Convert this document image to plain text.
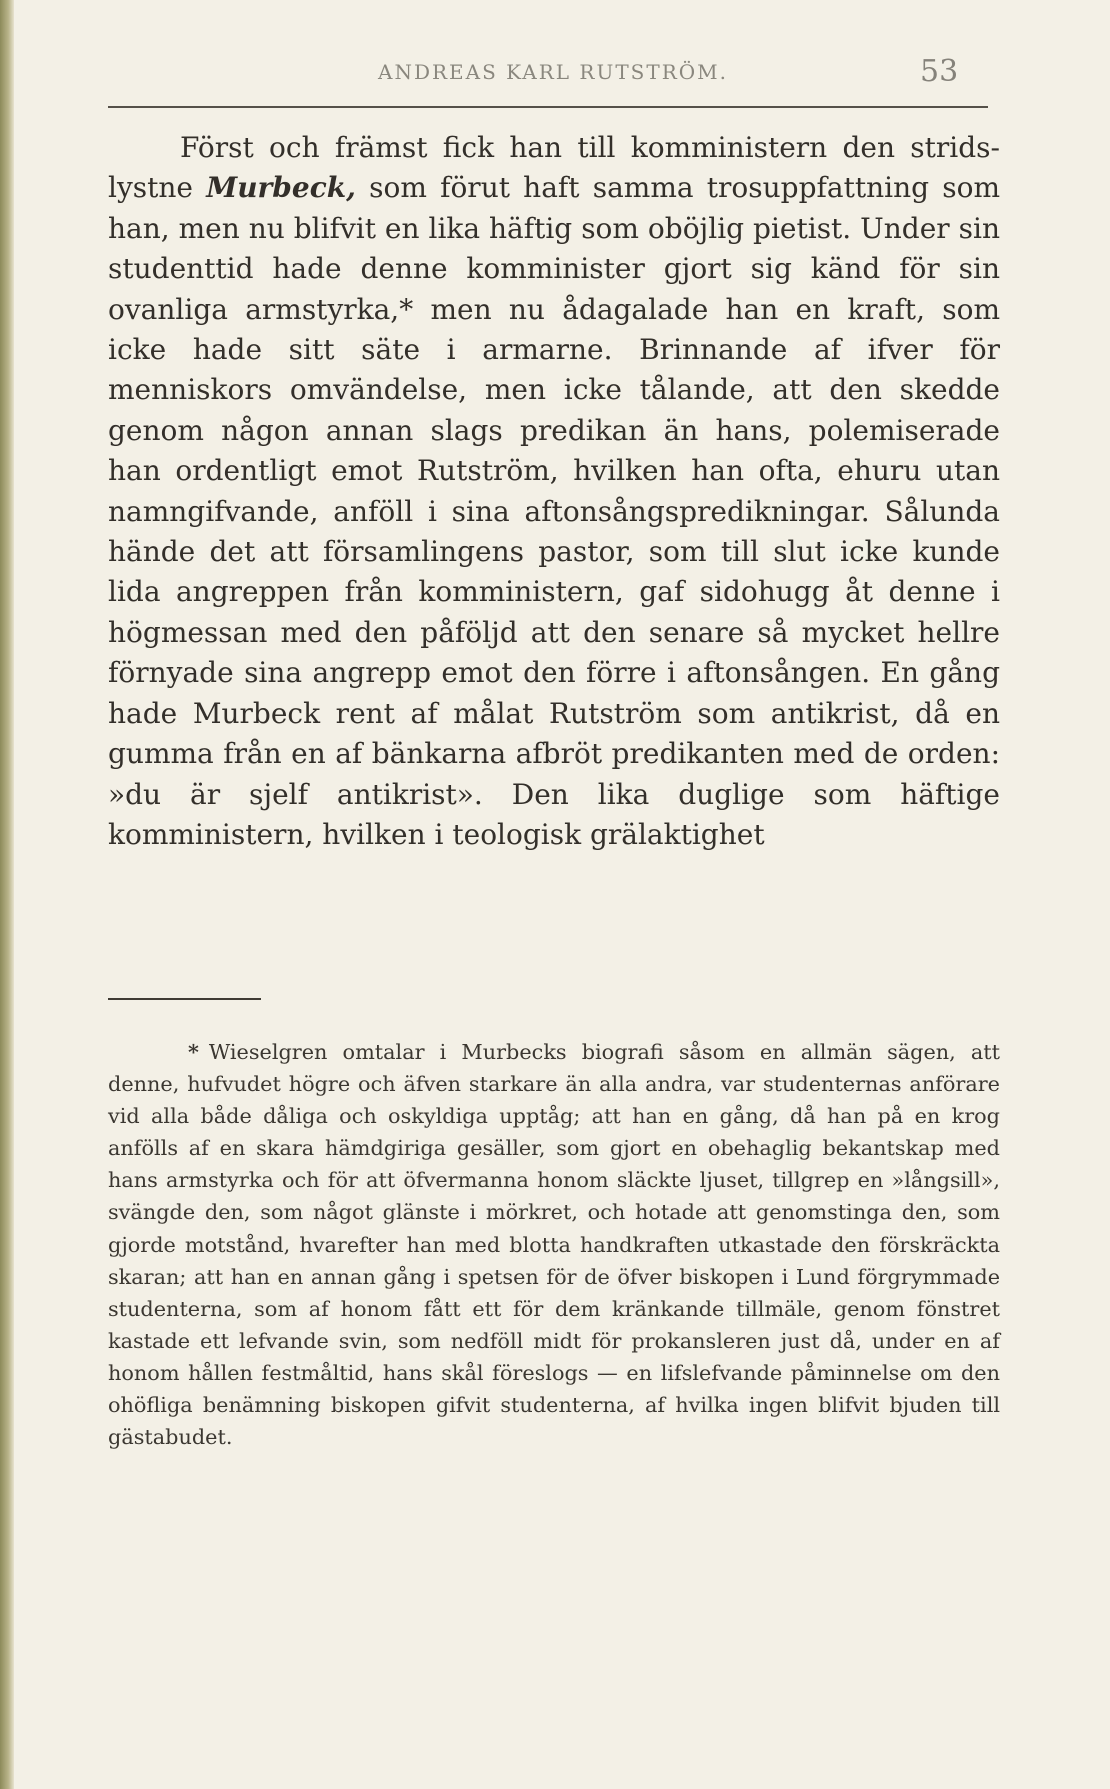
ANDREAS KARL RUTSTRÖM.	53

Först och främst fick han till komministern den stridslystne Murbeck, som förut haft samma trosuppfattning som han, men nu blifvit en lika häftig som oböjlig pietist. Under sin studenttid hade denne komminister gjort sig känd för sin ovanliga armstyrka,* men nu ådagalade han en kraft, som icke hade sitt säte i armarne. Brinnande af ifver för menniskors omvändelse, men icke tålande, att den skedde genom någon annan slags predikan än hans, polemiserade han ordentligt emot Rutström, hvilken han ofta, ehuru utan namngifvande, anföll i sina aftonsångspredikningar. Sålunda hände det att församlingens pastor, som till slut icke kunde lida angreppen från komministern, gaf sidohugg åt denne i högmessan med den påföljd att den senare så mycket hellre förnyade sina angrepp emot den förre i aftonsången. En gång hade Murbeck rent af målat Rutström som antikrist, då en gumma från en af bänkarna afbröt predikanten med de orden: »du är sjelf antikrist». Den lika duglige som häftige komministern, hvilken i teologisk grälaktighet

* Wieselgren omtalar i Murbecks biografi såsom en allmän sägen, att denne, hufvudet högre och äfven starkare än alla andra, var studenternas anförare vid alla både dåliga och oskyldiga upptåg; att han en gång, då han på en krog anfölls af en skara hämdgiriga gesäller, som gjort en obehaglig bekantskap med hans armstyrka och för att öfvermanna honom släckte ljuset, tillgrep en »långsill», svängde den, som något glänste i mörkret, och hotade att genomstinga den, som gjorde motstånd, hvarefter han med blotta handkraften utkastade den förskräckta skaran; att han en annan gång i spetsen för de öfver biskopen i Lund förgrymmade studenterna, som af honom fått ett för dem kränkande tillmäle, genom fönstret kastade ett lefvande svin, som nedföll midt för prokansleren just då, under en af honom hållen festmåltid, hans skål föreslogs — en lifslefvande påminnelse om den ohöfliga benämning biskopen gifvit studenterna, af hvilka ingen blifvit bjuden till gästabudet.
